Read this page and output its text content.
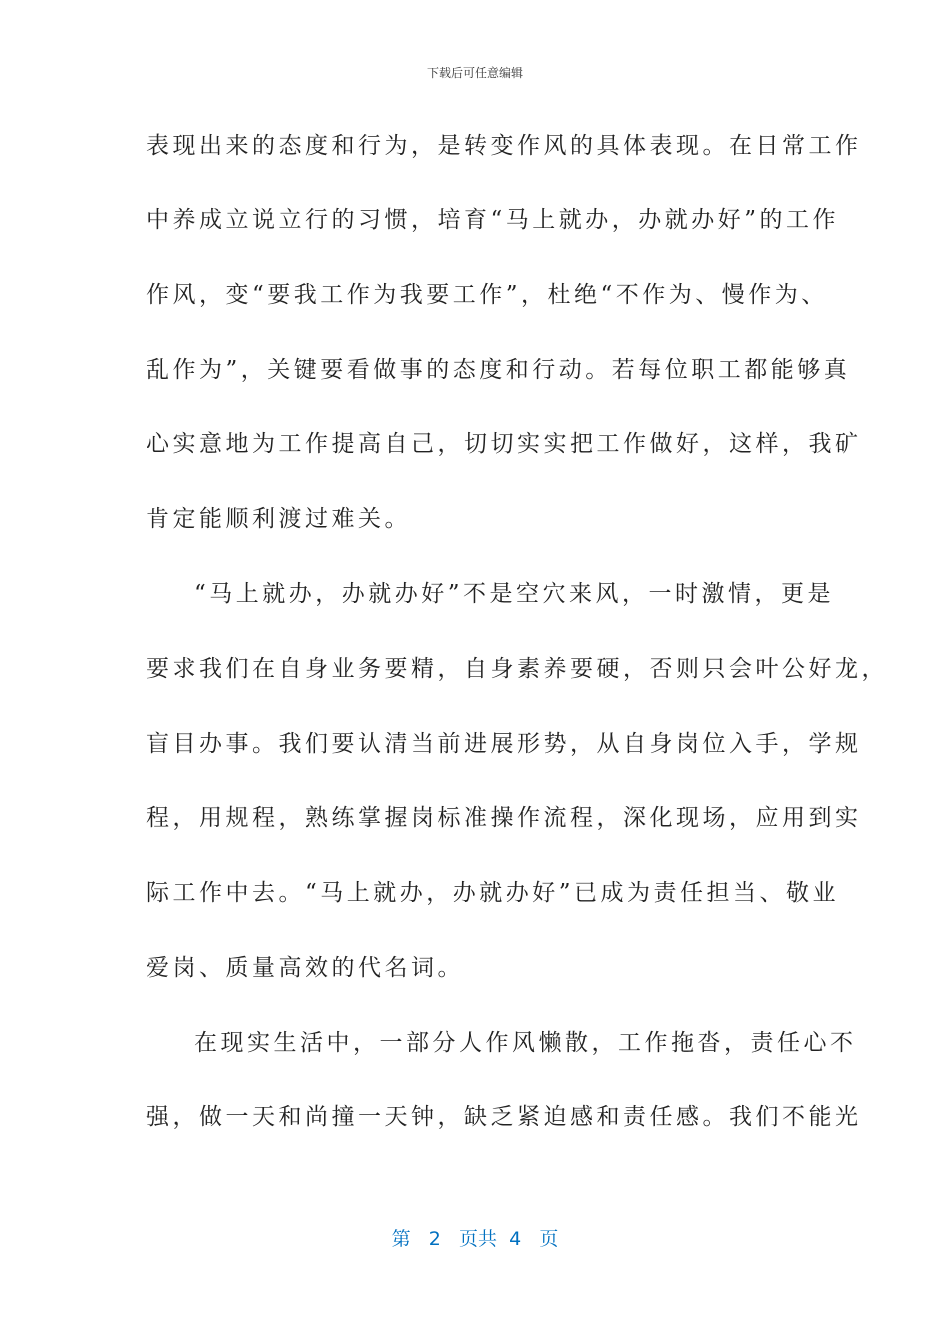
下载后可任意编辑
表现出来的态度和行为，是转变作风的具体表现。在日常工作
中养成立说立行的习惯，培育“马上就办，办就办好”的工作
作风，变“要我工作为我要工作”，杜绝“不作为、慢作为、
乱作为”，关键要看做事的态度和行动。若每位职工都能够真
心实意地为工作提高自己，切切实实把工作做好，这样，我矿
肯定能顺利渡过难关。
“马上就办，办就办好”不是空穴来风，一时激情，更是
要求我们在自身业务要精，自身素养要硬，否则只会叶公好龙，
盲目办事。我们要认清当前进展形势，从自身岗位入手，学规
程，用规程，熟练掌握岗标准操作流程，深化现场，应用到实
际工作中去。“马上就办，办就办好”已成为责任担当、敬业
爱岗、质量高效的代名词。
在现实生活中，一部分人作风懒散，工作拖沓，责任心不
强，做一天和尚撞一天钟，缺乏紧迫感和责任感。我们不能光
第 2 页共 4 页
